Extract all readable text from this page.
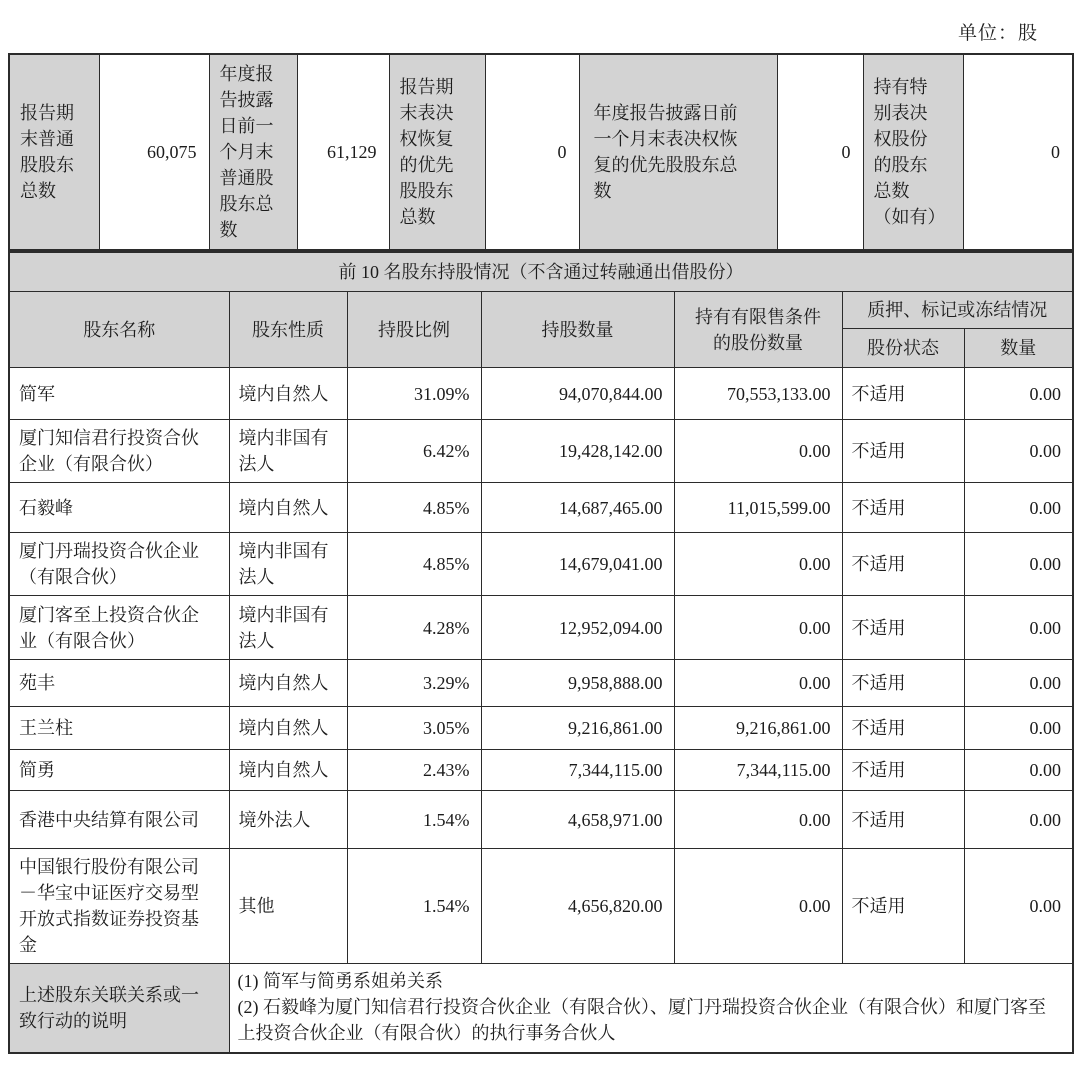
单位：股
报告期末普通股股东总数	60,075	年度报告披露日前一个月末普通股股东总数	61,129	报告期末表决权恢复的优先股股东总数	0	年度报告披露日前一个月末表决权恢复的优先股股东总数	0	持有特别表决权股份的股东总数（如有）	0
前 10 名股东持股情况（不含通过转融通出借股份）						
股东名称	股东性质	持股比例	持股数量	持有有限售条件的股份数量	质押、标记或冻结情况	
					股份状态	数量
简军	境内自然人	31.09%	94,070,844.00	70,553,133.00	不适用	0.00
厦门知信君行投资合伙企业（有限合伙）	境内非国有法人	6.42%	19,428,142.00	0.00	不适用	0.00
石毅峰	境内自然人	4.85%	14,687,465.00	11,015,599.00	不适用	0.00
厦门丹瑞投资合伙企业（有限合伙）	境内非国有法人	4.85%	14,679,041.00	0.00	不适用	0.00
厦门客至上投资合伙企业（有限合伙）	境内非国有法人	4.28%	12,952,094.00	0.00	不适用	0.00
苑丰	境内自然人	3.29%	9,958,888.00	0.00	不适用	0.00
王兰柱	境内自然人	3.05%	9,216,861.00	9,216,861.00	不适用	0.00
简勇	境内自然人	2.43%	7,344,115.00	7,344,115.00	不适用	0.00
香港中央结算有限公司	境外法人	1.54%	4,658,971.00	0.00	不适用	0.00
中国银行股份有限公司－华宝中证医疗交易型开放式指数证券投资基金	其他	1.54%	4,656,820.00	0.00	不适用	0.00
上述股东关联关系或一致行动的说明	(1) 简军与简勇系姐弟关系
(2) 石毅峰为厦门知信君行投资合伙企业（有限合伙）、厦门丹瑞投资合伙企业（有限合伙）和厦门客至上投资合伙企业（有限合伙）的执行事务合伙人					
